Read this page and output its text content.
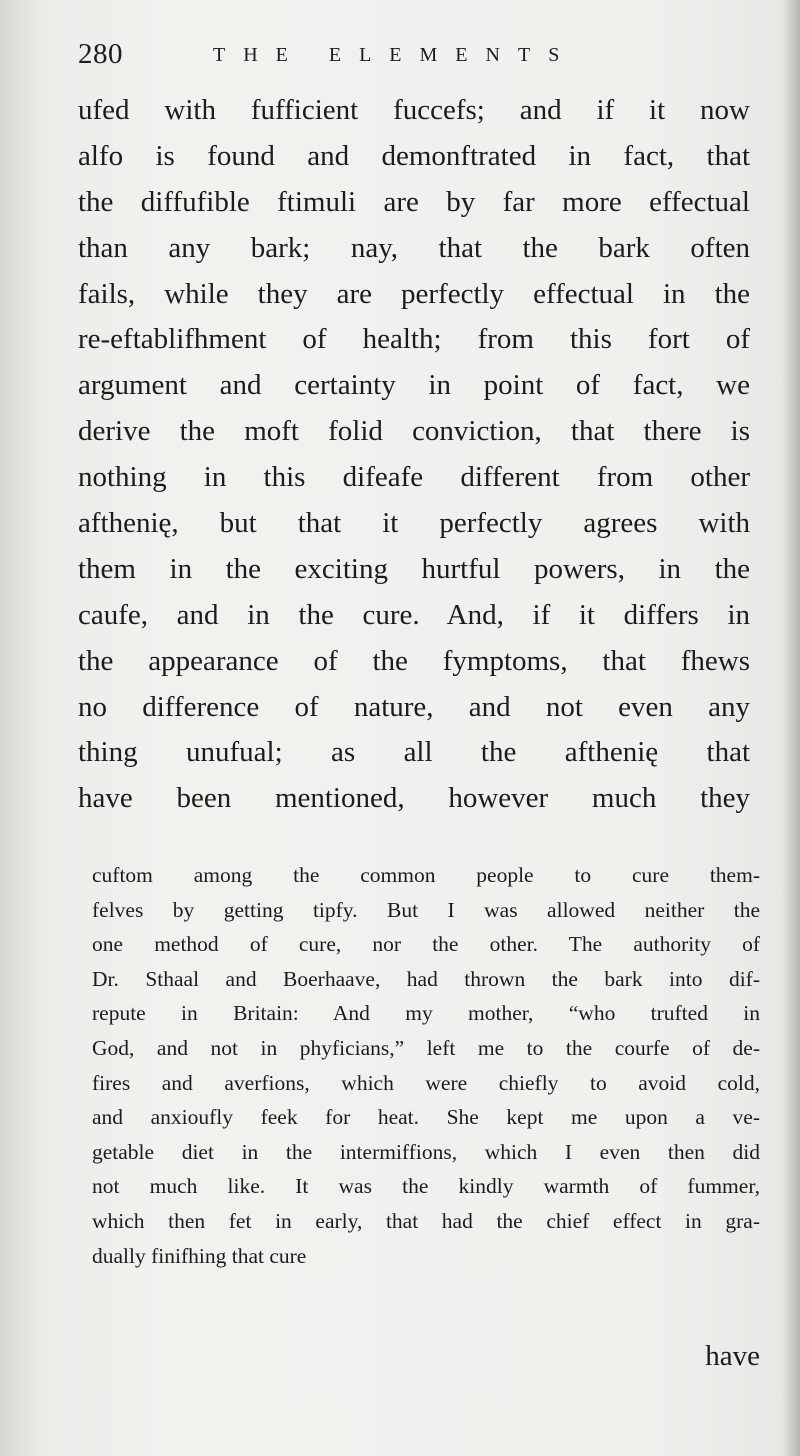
280	THE ELEMENTS
ufed with fufficient fuccefs; and if it now
alfo is found and demonftrated in fact, that
the diffufible ftimuli are by far more effectual
than any bark; nay, that the bark often
fails, while they are perfectly effectual in the
re-eftablifhment of health; from this fort of
argument and certainty in point of fact, we
derive the moft folid conviction, that there is
nothing in this difeafe different from other
afthenię, but that it perfectly agrees with
them in the exciting hurtful powers, in the
caufe, and in the cure. And, if it differs in
the appearance of the fymptoms, that fhews
no difference of nature, and not even any
thing unufual; as all the afthenię that
have been mentioned, however much they
cuftom among the common people to cure them-
felves by getting tipfy. But I was allowed neither the
one method of cure, nor the other. The authority of
Dr. Sthaal and Boerhaave, had thrown the bark into dif-
repute in Britain: And my mother, “who trufted in
God, and not in phyficians,” left me to the courfe of de-
fires and averfions, which were chiefly to avoid cold,
and anxioufly feek for heat. She kept me upon a ve-
getable diet in the intermiffions, which I even then did
not much like. It was the kindly warmth of fummer,
which then fet in early, that had the chief effect in gra-
dually finifhing that cure
have
